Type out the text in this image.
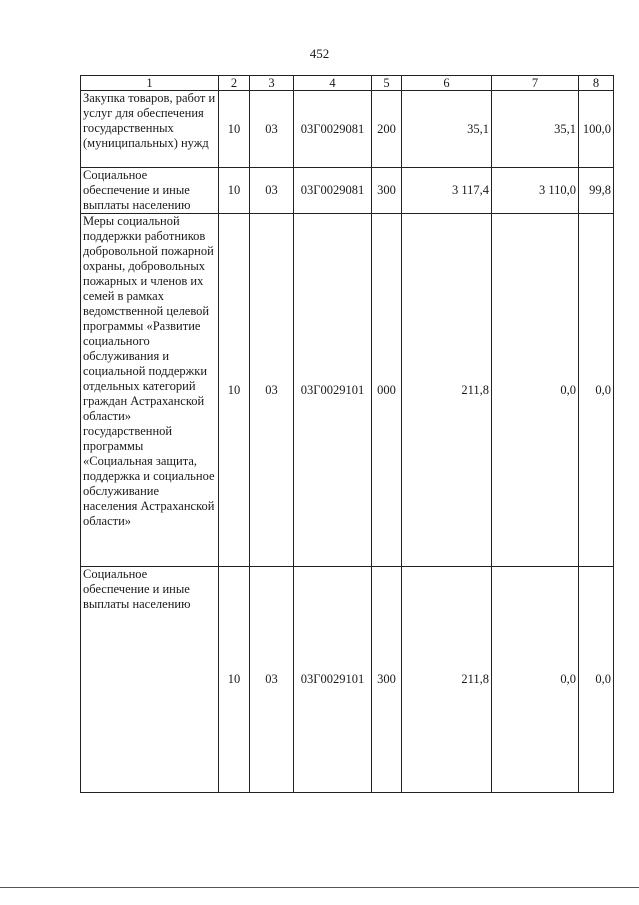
452
1	2	3	4	5	6	7	8
Закупка товаров, работ и услуг для обеспечения государственных (муниципальных) нужд	10	03	03Г0029081	200	35,1	35,1	100,0
Социальное обеспечение и иные выплаты населению	10	03	03Г0029081	300	3 117,4	3 110,0	99,8
Меры социальной поддержки работников добровольной пожарной охраны, добровольных пожарных и членов их семей в рамках ведомственной целевой программы «Развитие социального обслуживания и социальной поддержки отдельных категорий граждан Астраханской области» государственной программы «Социальная защита, поддержка и социальное обслуживание населения Астраханской области»	10	03	03Г0029101	000	211,8	0,0	0,0
Социальное обеспечение и иные выплаты населению	10	03	03Г0029101	300	211,8	0,0	0,0
